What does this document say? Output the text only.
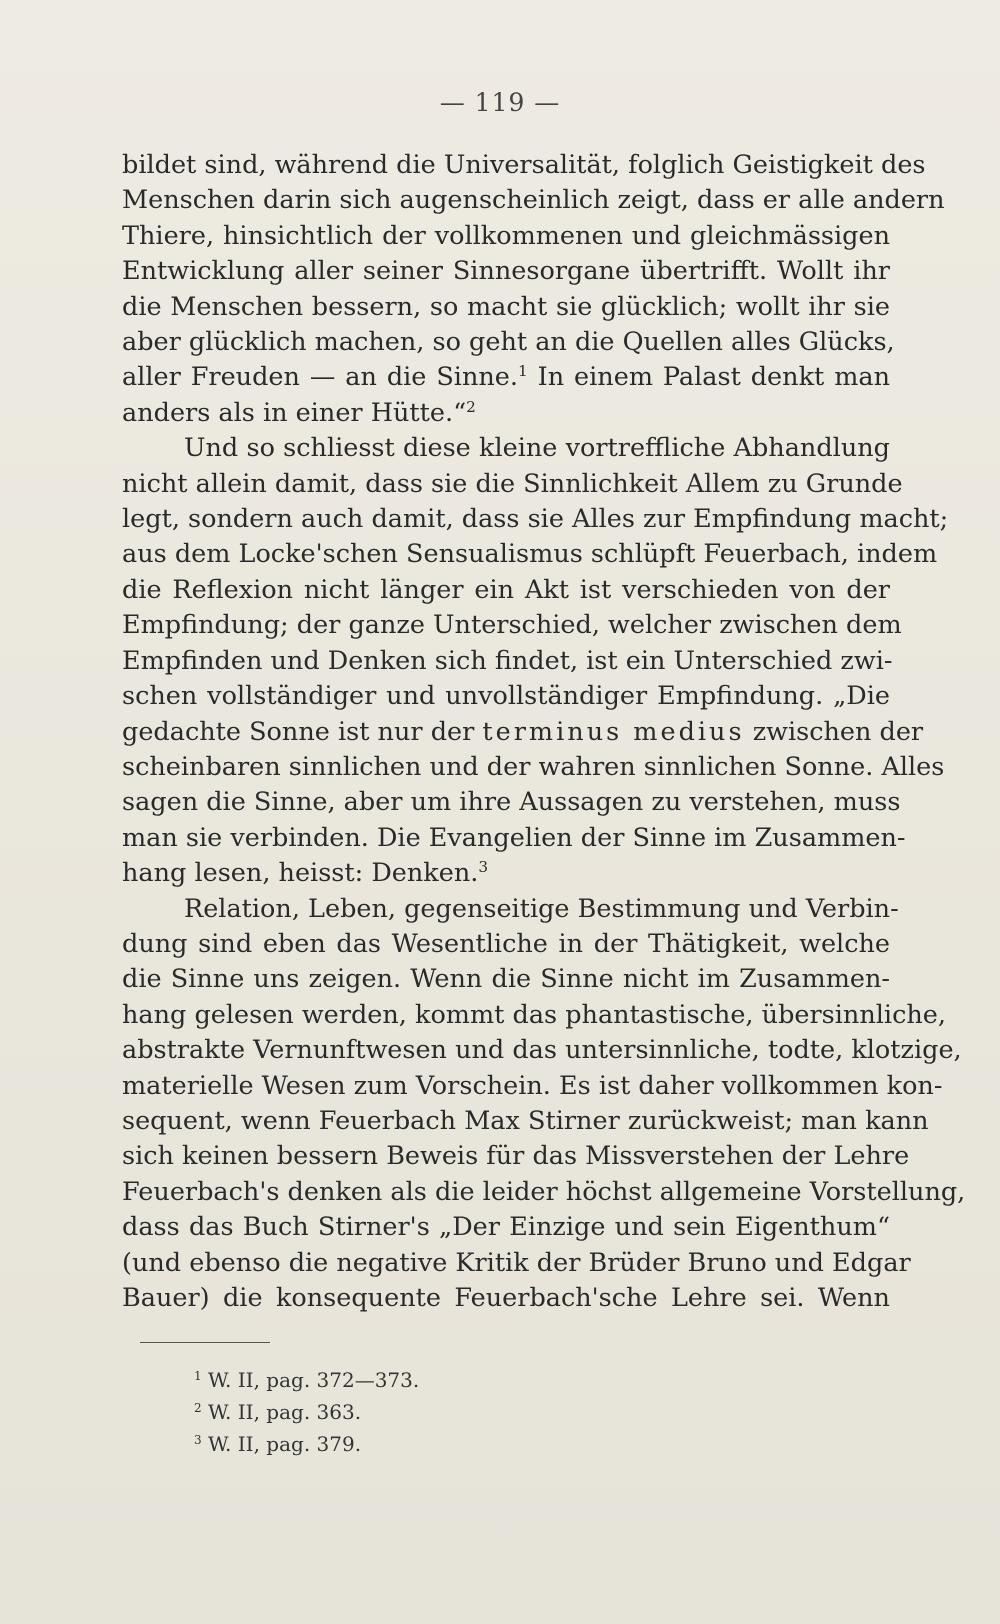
— 119 —
bildet sind, während die Universalität, folglich Geistigkeit des
Menschen darin sich augenscheinlich zeigt, dass er alle andern
Thiere, hinsichtlich der vollkommenen und gleichmässigen
Entwicklung aller seiner Sinnesorgane übertrifft. Wollt ihr
die Menschen bessern, so macht sie glücklich; wollt ihr sie
aber glücklich machen, so geht an die Quellen alles Glücks,
aller Freuden — an die Sinne.$^1$ In einem Palast denkt man
anders als in einer Hütte.“$^2$
Und so schliesst diese kleine vortreffliche Abhandlung
nicht allein damit, dass sie die Sinnlichkeit Allem zu Grunde
legt, sondern auch damit, dass sie Alles zur Empfindung macht;
aus dem Locke'schen Sensualismus schlüpft Feuerbach, indem
die Reflexion nicht länger ein Akt ist verschieden von der
Empfindung; der ganze Unterschied, welcher zwischen dem
Empfinden und Denken sich findet, ist ein Unterschied zwi-
schen vollständiger und unvollständiger Empfindung. „Die
gedachte Sonne ist nur der terminus medius zwischen der
scheinbaren sinnlichen und der wahren sinnlichen Sonne. Alles
sagen die Sinne, aber um ihre Aussagen zu verstehen, muss
man sie verbinden. Die Evangelien der Sinne im Zusammen-
hang lesen, heisst: Denken.$^3$
Relation, Leben, gegenseitige Bestimmung und Verbin-
dung sind eben das Wesentliche in der Thätigkeit, welche
die Sinne uns zeigen. Wenn die Sinne nicht im Zusammen-
hang gelesen werden, kommt das phantastische, übersinnliche,
abstrakte Vernunftwesen und das untersinnliche, todte, klotzige,
materielle Wesen zum Vorschein. Es ist daher vollkommen kon-
sequent, wenn Feuerbach Max Stirner zurückweist; man kann
sich keinen bessern Beweis für das Missverstehen der Lehre
Feuerbach's denken als die leider höchst allgemeine Vorstellung,
dass das Buch Stirner's „Der Einzige und sein Eigenthum“
(und ebenso die negative Kritik der Brüder Bruno und Edgar
Bauer) die konsequente Feuerbach'sche Lehre sei. Wenn
$^1$ W. II, pag. 372—373.
$^2$ W. II, pag. 363.
$^3$ W. II, pag. 379.
